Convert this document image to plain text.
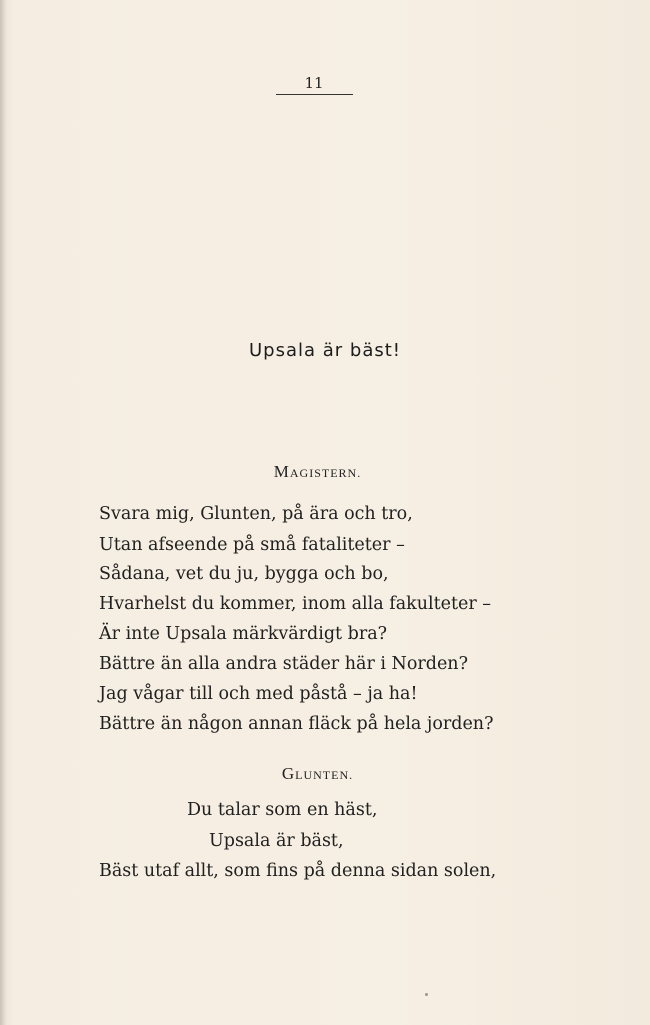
11
Upsala är bäst!
MAGISTERN.
Svara mig, Glunten, på ära och tro,
Utan afseende på små fataliteter –
Sådana, vet du ju, bygga och bo,
Hvarhelst du kommer, inom alla fakulteter –
Är inte Upsala märkvärdigt bra?
Bättre än alla andra städer här i Norden?
Jag vågar till och med påstå – ja ha!
Bättre än någon annan fläck på hela jorden?
GLUNTEN.
Du talar som en häst,
Upsala är bäst,
Bäst utaf allt, som fins på denna sidan solen,
